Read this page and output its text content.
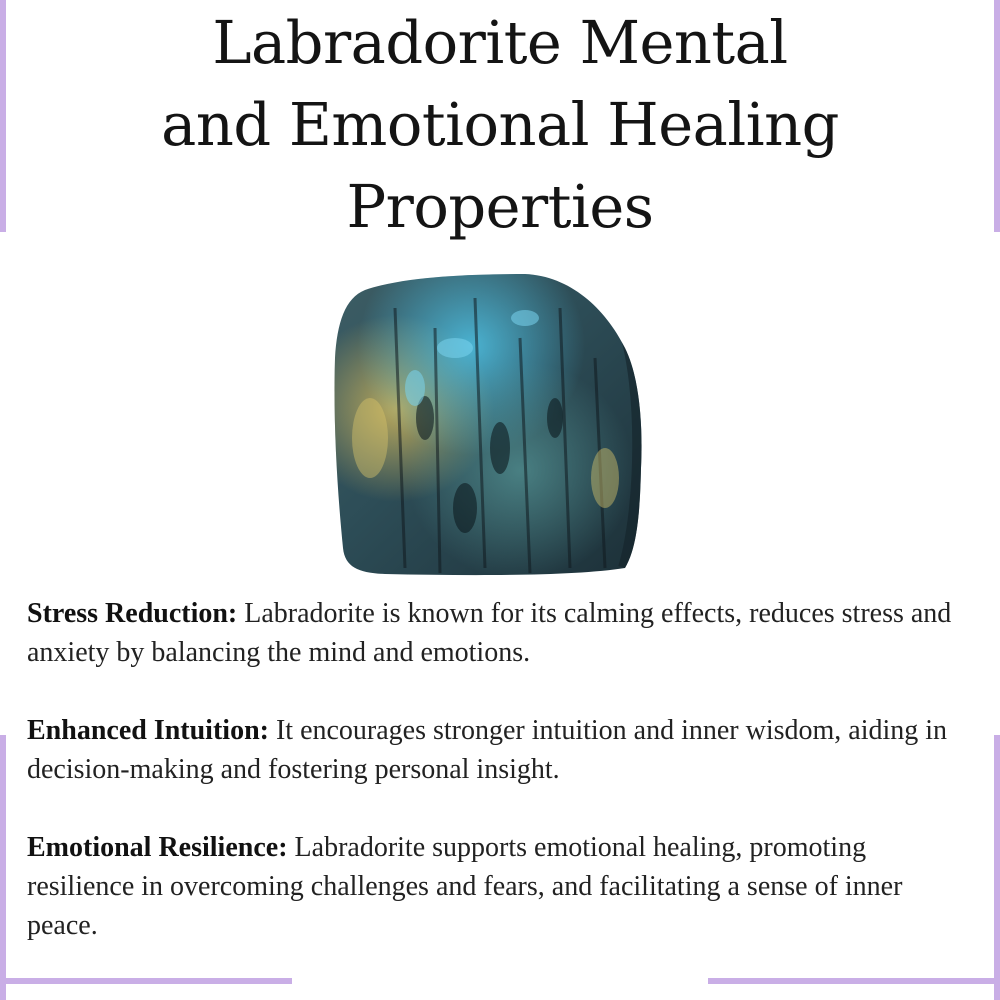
Labradorite Mental
and Emotional Healing
Properties

Stress Reduction: Labradorite is known for its calming effects, reduces stress and anxiety by balancing the mind and emotions.

Enhanced Intuition: It encourages stronger intuition and inner wisdom, aiding in decision-making and fostering personal insight.

Emotional Resilience: Labradorite supports emotional healing, promoting resilience in overcoming challenges and fears, and facilitating a sense of inner peace.
